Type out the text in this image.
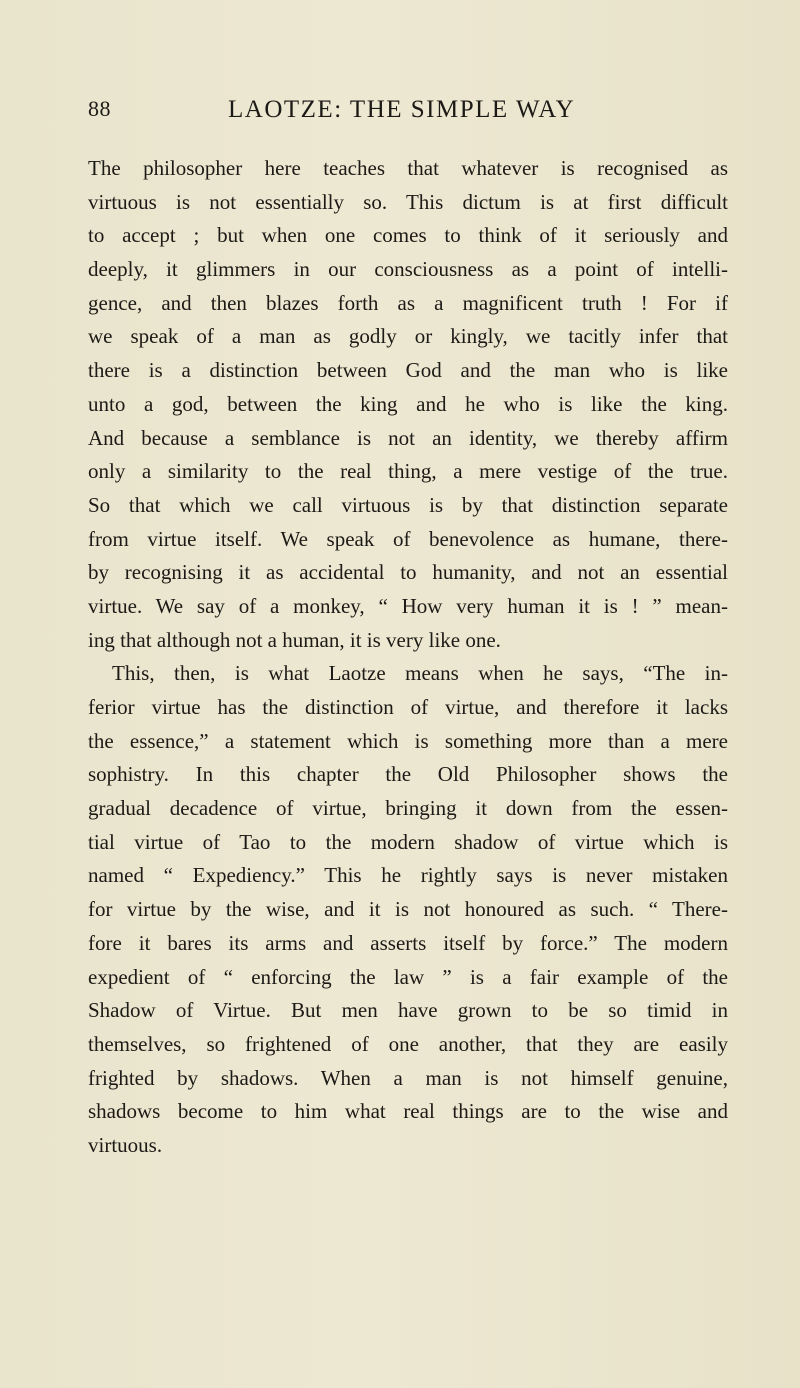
88	LAOTZE: THE SIMPLE WAY
The philosopher here teaches that whatever is recognised as
virtuous is not essentially so. This dictum is at first difficult
to accept ; but when one comes to think of it seriously and
deeply, it glimmers in our consciousness as a point of intelli-
gence, and then blazes forth as a magnificent truth ! For if
we speak of a man as godly or kingly, we tacitly infer that
there is a distinction between God and the man who is like
unto a god, between the king and he who is like the king.
And because a semblance is not an identity, we thereby affirm
only a similarity to the real thing, a mere vestige of the true.
So that which we call virtuous is by that distinction separate
from virtue itself. We speak of benevolence as humane, there-
by recognising it as accidental to humanity, and not an essential
virtue. We say of a monkey, “ How very human it is ! ” mean-
ing that although not a human, it is very like one.
This, then, is what Laotze means when he says, “The in-
ferior virtue has the distinction of virtue, and therefore it lacks
the essence,” a statement which is something more than a mere
sophistry. In this chapter the Old Philosopher shows the
gradual decadence of virtue, bringing it down from the essen-
tial virtue of Tao to the modern shadow of virtue which is
named “ Expediency.” This he rightly says is never mistaken
for virtue by the wise, and it is not honoured as such. “ There-
fore it bares its arms and asserts itself by force.” The modern
expedient of “ enforcing the law ” is a fair example of the
Shadow of Virtue. But men have grown to be so timid in
themselves, so frightened of one another, that they are easily
frighted by shadows. When a man is not himself genuine,
shadows become to him what real things are to the wise and
virtuous.
